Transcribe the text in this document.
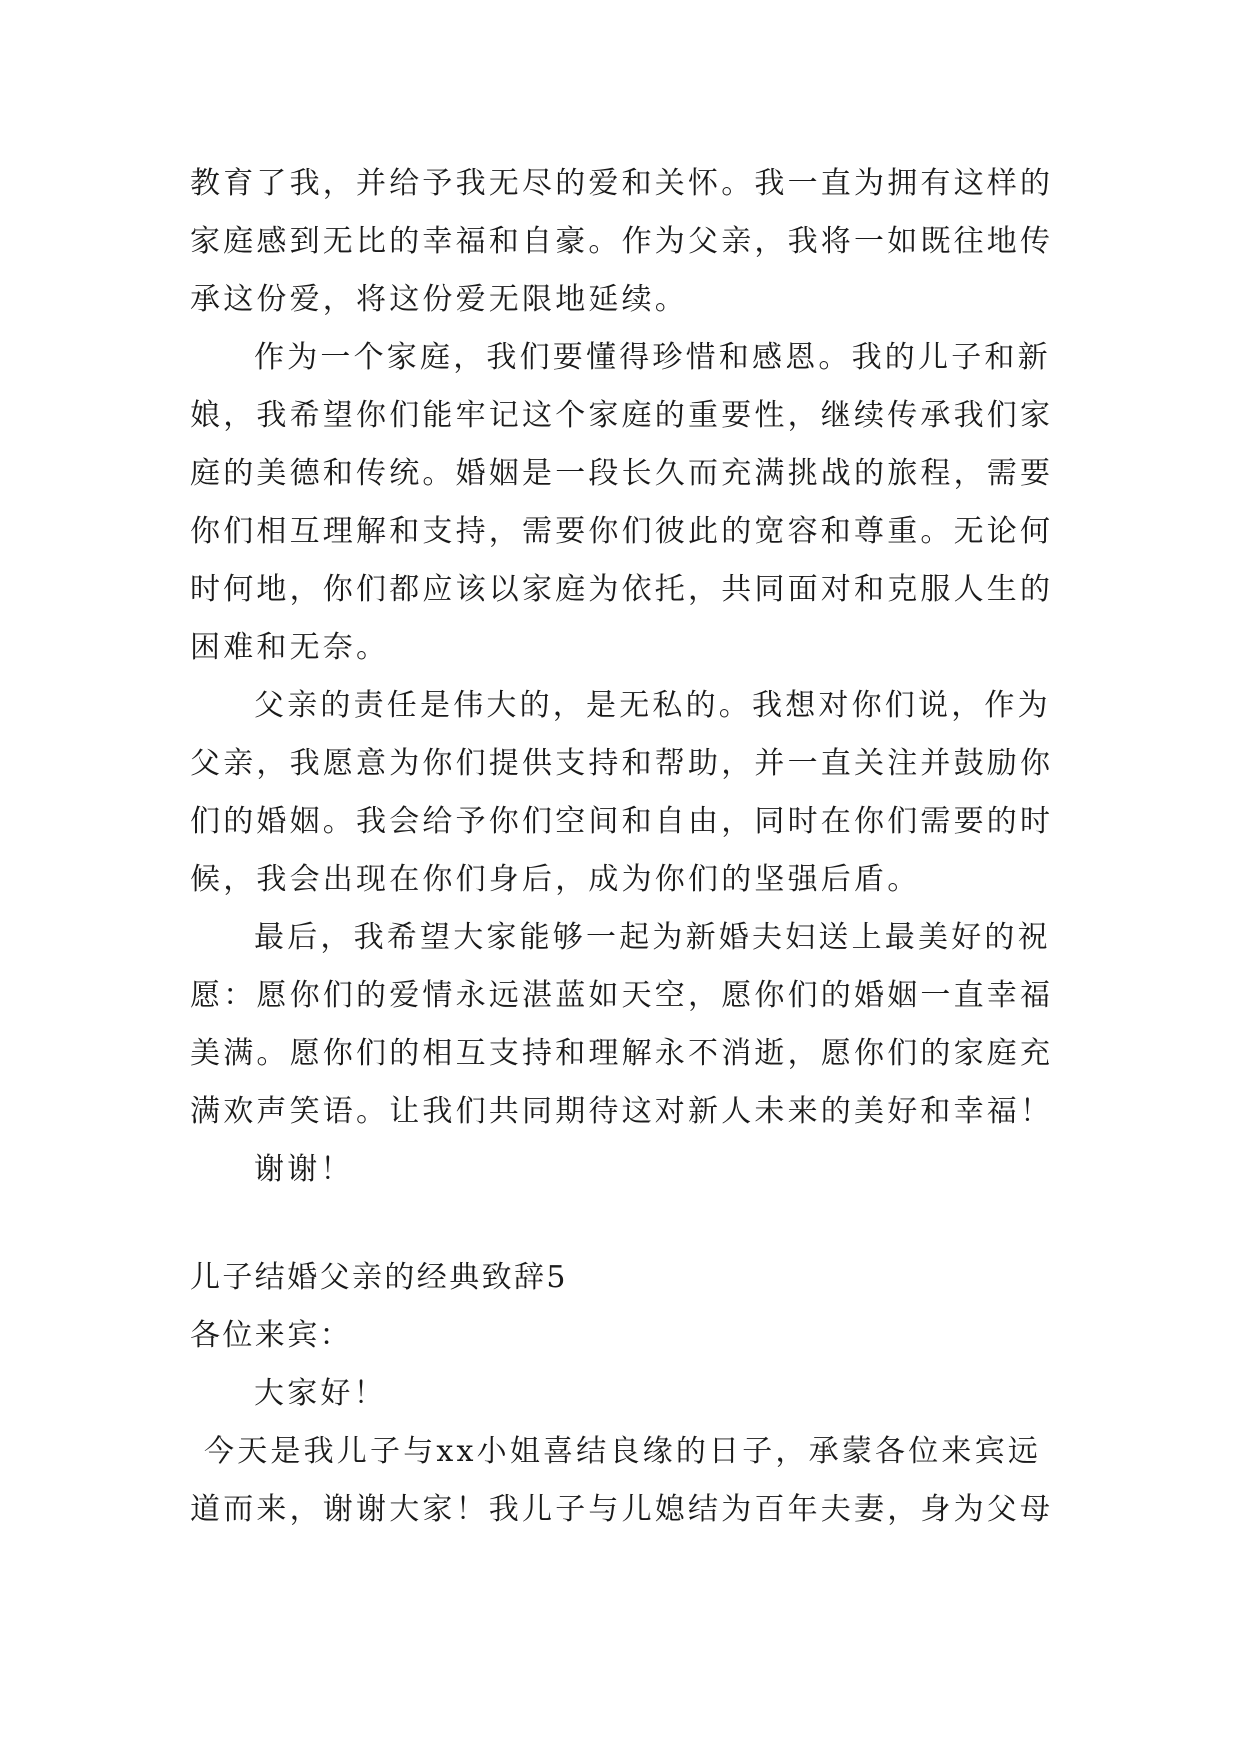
教育了我，并给予我无尽的爱和关怀。我一直为拥有这样的
家庭感到无比的幸福和自豪。作为父亲，我将一如既往地传
承这份爱，将这份爱无限地延续。
作为一个家庭，我们要懂得珍惜和感恩。我的儿子和新
娘，我希望你们能牢记这个家庭的重要性，继续传承我们家
庭的美德和传统。婚姻是一段长久而充满挑战的旅程，需要
你们相互理解和支持，需要你们彼此的宽容和尊重。无论何
时何地，你们都应该以家庭为依托，共同面对和克服人生的
困难和无奈。
父亲的责任是伟大的，是无私的。我想对你们说，作为
父亲，我愿意为你们提供支持和帮助，并一直关注并鼓励你
们的婚姻。我会给予你们空间和自由，同时在你们需要的时
候，我会出现在你们身后，成为你们的坚强后盾。
最后，我希望大家能够一起为新婚夫妇送上最美好的祝
愿：愿你们的爱情永远湛蓝如天空，愿你们的婚姻一直幸福
美满。愿你们的相互支持和理解永不消逝，愿你们的家庭充
满欢声笑语。让我们共同期待这对新人未来的美好和幸福！
谢谢！
儿子结婚父亲的经典致辞5
各位来宾：
大家好！
今天是我儿子与xx小姐喜结良缘的日子，承蒙各位来宾远
道而来，谢谢大家！我儿子与儿媳结为百年夫妻，身为父母
